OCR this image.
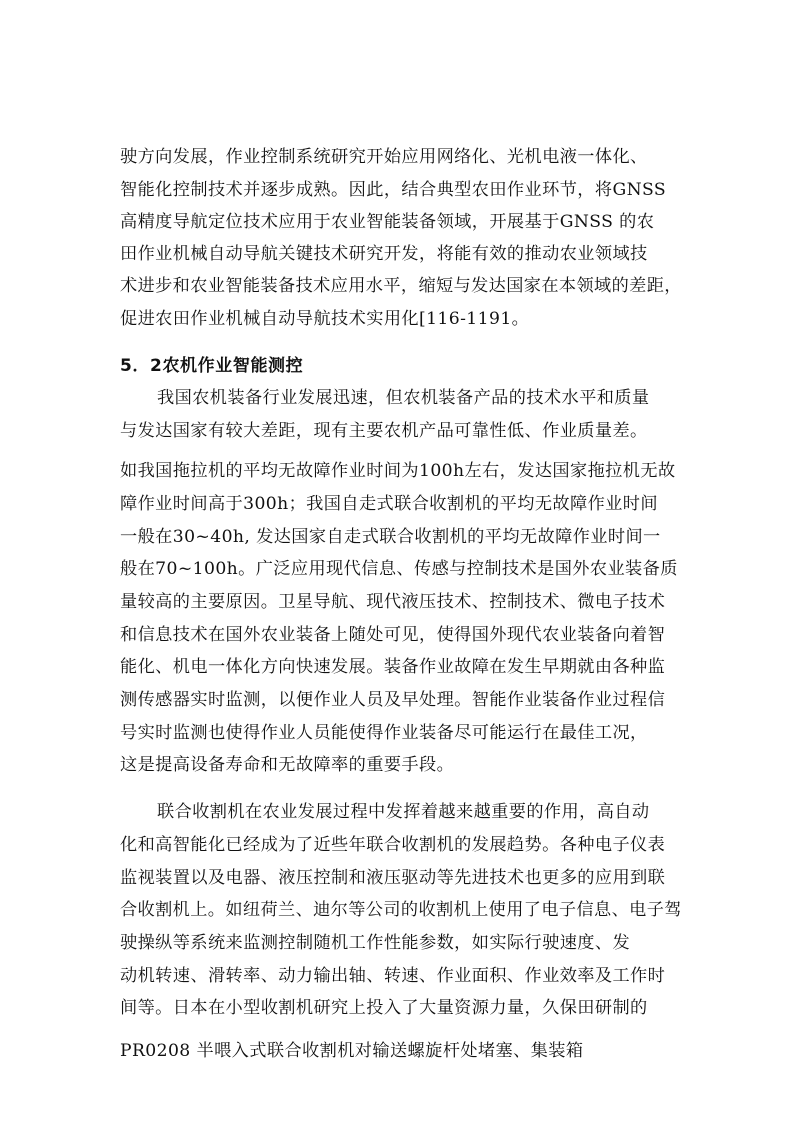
驶方向发展，作业控制系统研究开始应用网络化、光机电液一体化、
智能化控制技术并逐步成熟。因此，结合典型农田作业环节，将GNSS
高精度导航定位技术应用于农业智能装备领域，开展基于GNSS 的农
田作业机械自动导航关键技术研究开发，将能有效的推动农业领域技
术进步和农业智能装备技术应用水平，缩短与发达国家在本领域的差距，
促进农田作业机械自动导航技术实用化[116-1191。
5．2农机作业智能测控
我国农机装备行业发展迅速，但农机装备产品的技术水平和质量
与发达国家有较大差距，现有主要农机产品可靠性低、作业质量差。
如我国拖拉机的平均无故障作业时间为100h左右，发达国家拖拉机无故
障作业时间高于300h；我国自走式联合收割机的平均无故障作业时间
一般在30~40h, 发达国家自走式联合收割机的平均无故障作业时间一
般在70~100h。广泛应用现代信息、传感与控制技术是国外农业装备质
量较高的主要原因。卫星导航、现代液压技术、控制技术、微电子技术
和信息技术在国外农业装备上随处可见，使得国外现代农业装备向着智
能化、机电一体化方向快速发展。装备作业故障在发生早期就由各种监
测传感器实时监测，以便作业人员及早处理。智能作业装备作业过程信
号实时监测也使得作业人员能使得作业装备尽可能运行在最佳工况，
这是提高设备寿命和无故障率的重要手段。
联合收割机在农业发展过程中发挥着越来越重要的作用，高自动
化和高智能化已经成为了近些年联合收割机的发展趋势。各种电子仪表
监视装置以及电器、液压控制和液压驱动等先进技术也更多的应用到联
合收割机上。如纽荷兰、迪尔等公司的收割机上使用了电子信息、电子驾
驶操纵等系统来监测控制随机工作性能参数，如实际行驶速度、发
动机转速、滑转率、动力输出轴、转速、作业面积、作业效率及工作时
间等。日本在小型收割机研究上投入了大量资源力量，久保田研制的
PR0208 半喂入式联合收割机对输送螺旋杆处堵塞、集装箱
